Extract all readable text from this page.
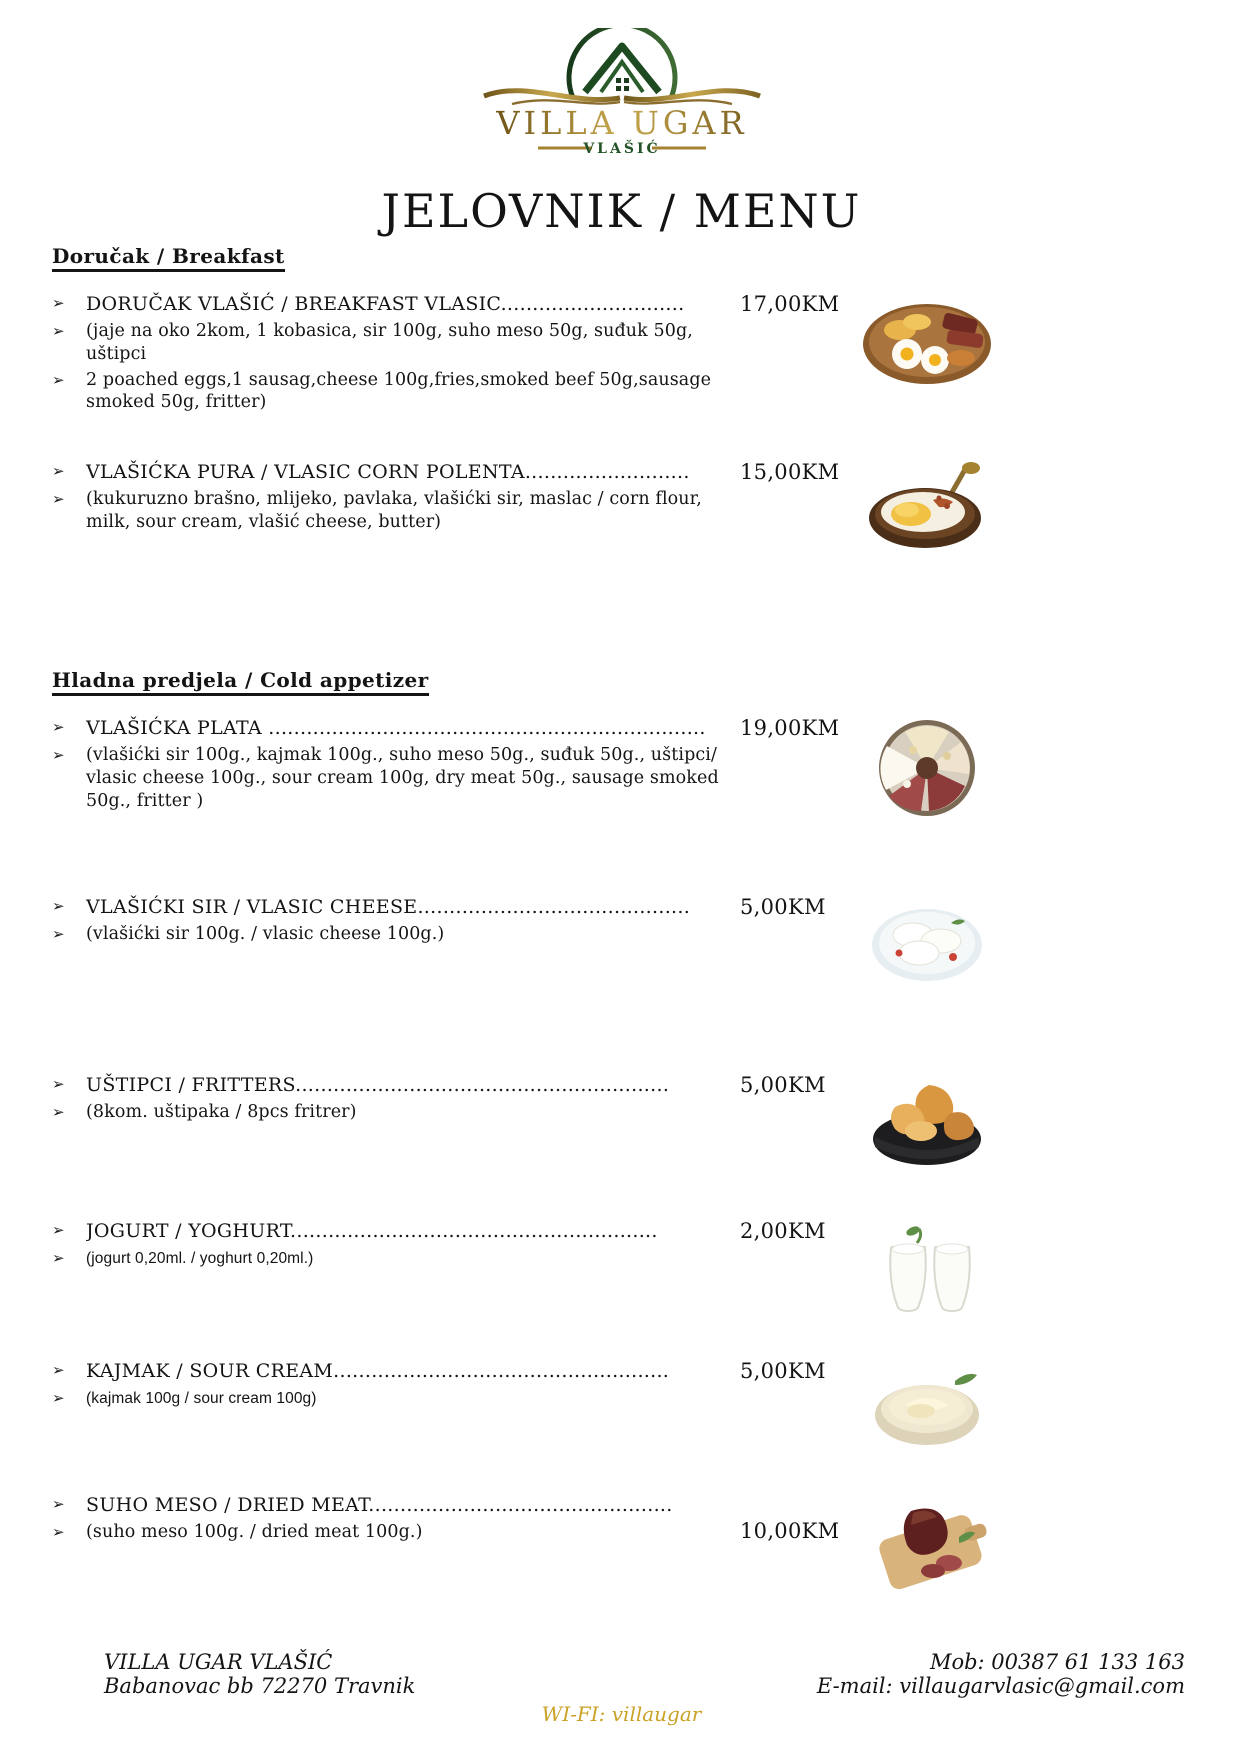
VILLA UGAR
VLAŠIĆ
JELOVNIK / MENU
Doručak / Breakfast
➢	DORUČAK VLAŠIĆ / BREAKFAST VLASIC.............................
➢	(jaje na oko 2kom, 1 kobasica, sir 100g, suho meso 50g, suđuk 50g, uštipci
➢	2 poached eggs,1 sausag,cheese 100g,fries,smoked beef 50g,sausage smoked 50g, fritter)
17,00KM
➢	VLAŠIĆKA PURA / VLASIC CORN POLENTA..........................
➢	(kukuruzno brašno, mlijeko, pavlaka, vlašićki sir, maslac / corn flour, milk, sour cream, vlašić cheese, butter)
15,00KM
Hladna predjela / Cold appetizer
➢	VLAŠIĆKA PLATA .....................................................................
➢	(vlašićki sir 100g., kajmak 100g., suho meso 50g., suđuk 50g., uštipci/ vlasic cheese 100g., sour cream 100g, dry meat 50g., sausage smoked 50g., fritter )
19,00KM
➢	VLAŠIĆKI SIR / VLASIC CHEESE...........................................
➢	(vlašićki sir 100g. / vlasic cheese 100g.)
5,00KM
➢	UŠTIPCI / FRITTERS...........................................................
➢	(8kom. uštipaka / 8pcs fritrer)
5,00KM
➢	JOGURT / YOGHURT..........................................................
➢	(jogurt 0,20ml. / yoghurt 0,20ml.)
2,00KM
➢	KAJMAK / SOUR CREAM.....................................................
➢	(kajmak 100g / sour cream 100g)
5,00KM
➢	SUHO MESO / DRIED MEAT................................................
➢	(suho meso 100g. / dried meat 100g.)	10,00KM
VILLA UGAR VLAŠIĆ
Babanovac bb 72270 Travnik
Mob: 00387 61 133 163
E-mail: villaugarvlasic@gmail.com
WI-FI: villaugar
